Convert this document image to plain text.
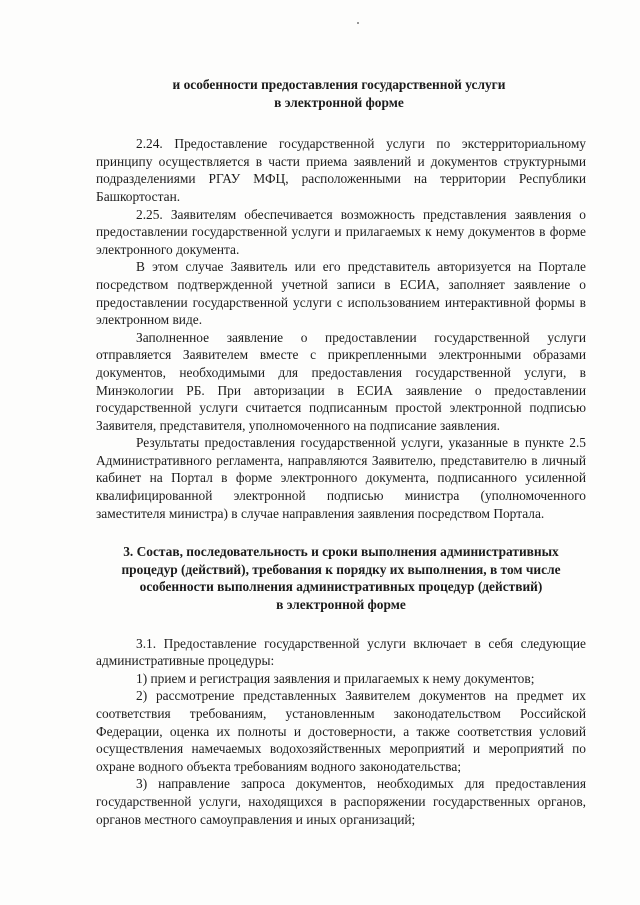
и особенности предоставления государственной услуги
в электронной форме

2.24. Предоставление государственной услуги по экстерриториальному принципу осуществляется в части приема заявлений и документов структурными подразделениями РГАУ МФЦ, расположенными на территории Республики Башкортостан.

2.25. Заявителям обеспечивается возможность представления заявления о предоставлении государственной услуги и прилагаемых к нему документов в форме электронного документа.

В этом случае Заявитель или его представитель авторизуется на Портале посредством подтвержденной учетной записи в ЕСИА, заполняет заявление о предоставлении государственной услуги с использованием интерактивной формы в электронном виде.

Заполненное заявление о предоставлении государственной услуги отправляется Заявителем вместе с прикрепленными электронными образами документов, необходимыми для предоставления государственной услуги, в Минэкологии РБ. При авторизации в ЕСИА заявление о предоставлении государственной услуги считается подписанным простой электронной подписью Заявителя, представителя, уполномоченного на подписание заявления.

Результаты предоставления государственной услуги, указанные в пункте 2.5 Административного регламента, направляются Заявителю, представителю в личный кабинет на Портал в форме электронного документа, подписанного усиленной квалифицированной электронной подписью министра (уполномоченного заместителя министра) в случае направления заявления посредством Портала.

3. Состав, последовательность и сроки выполнения административных
процедур (действий), требования к порядку их выполнения, в том числе
особенности выполнения административных процедур (действий)
в электронной форме

3.1. Предоставление государственной услуги включает в себя следующие административные процедуры:

1) прием и регистрация заявления и прилагаемых к нему документов;

2) рассмотрение представленных Заявителем документов на предмет их соответствия требованиям, установленным законодательством Российской Федерации, оценка их полноты и достоверности, а также соответствия условий осуществления намечаемых водохозяйственных мероприятий и мероприятий по охране водного объекта требованиям водного законодательства;

3) направление запроса документов, необходимых для предоставления государственной услуги, находящихся в распоряжении государственных органов, органов местного самоуправления и иных организаций;
